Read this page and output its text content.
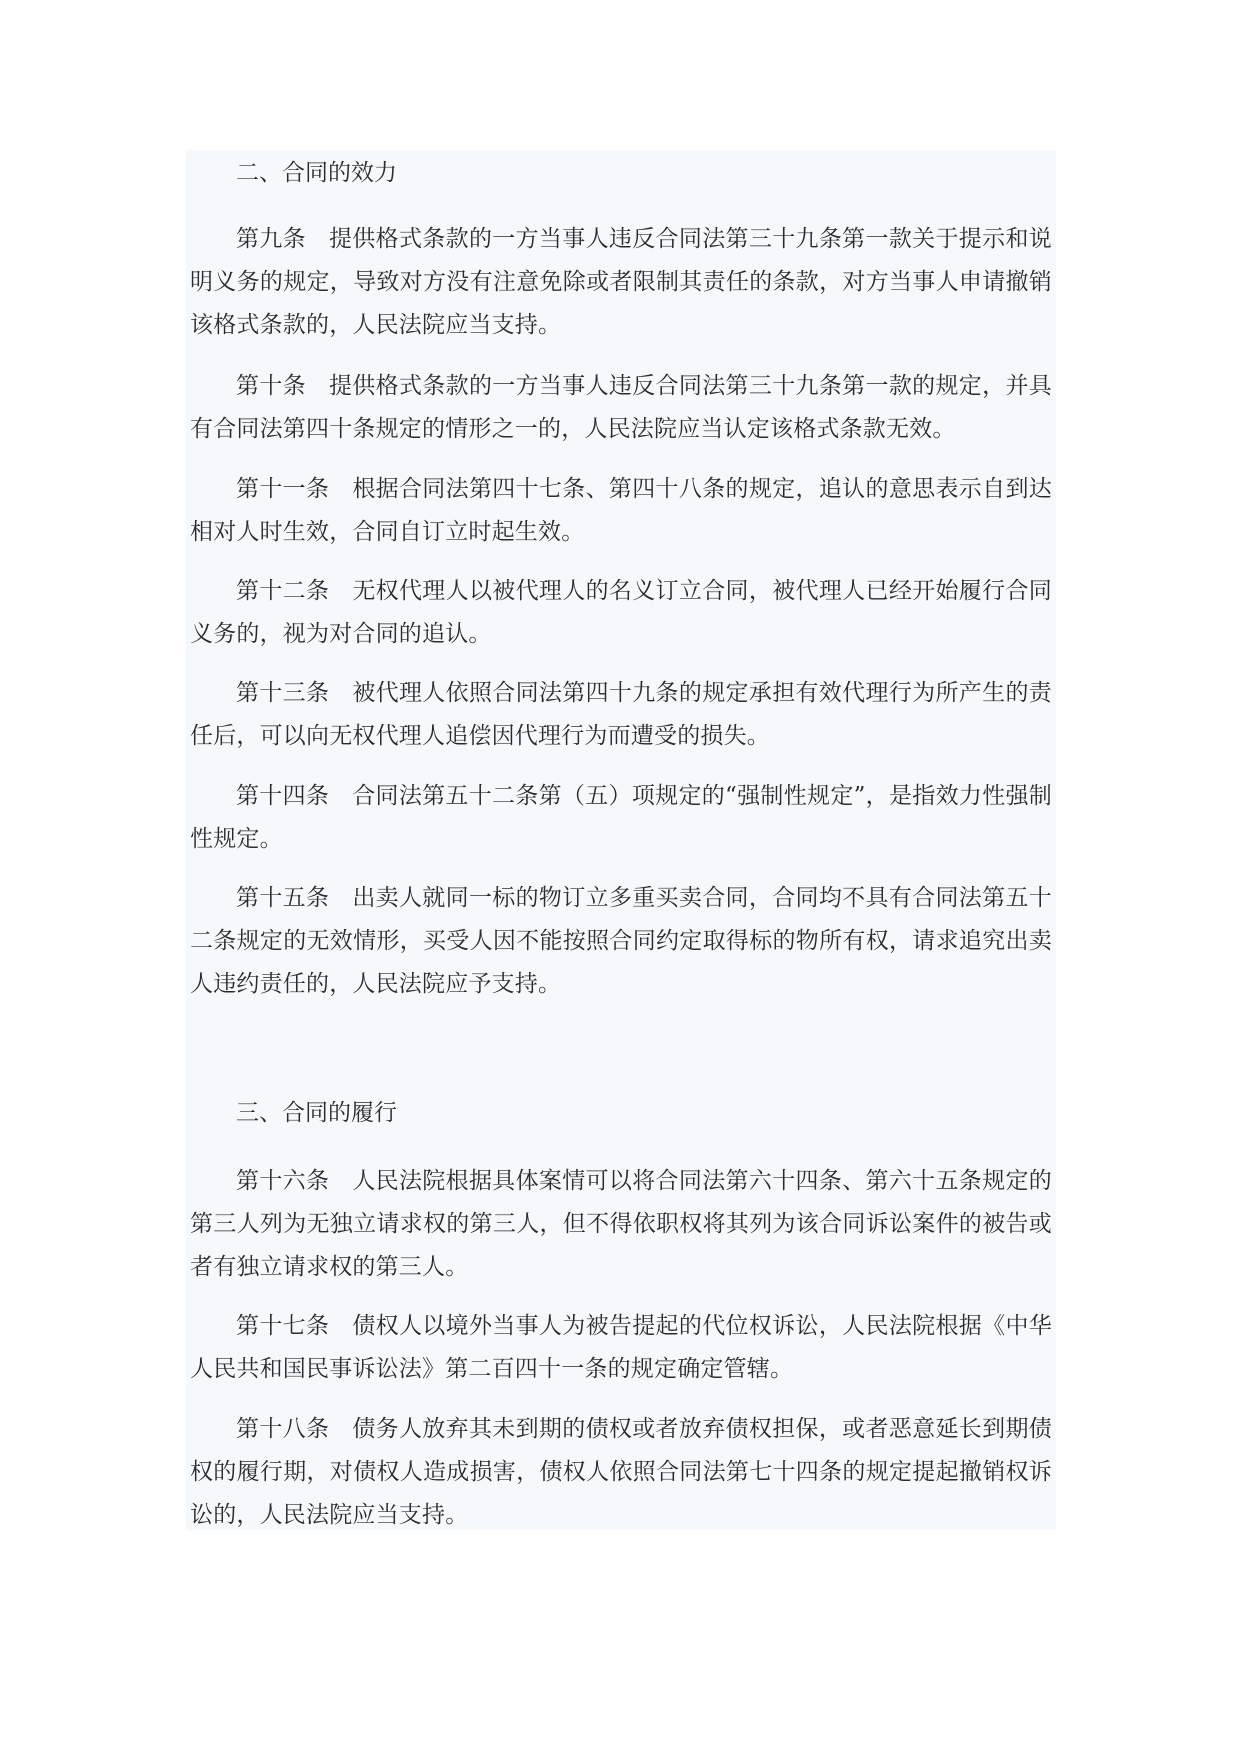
二、合同的效力

第九条 提供格式条款的一方当事人违反合同法第三十九条第一款关于提示和说明义务的规定，导致对方没有注意免除或者限制其责任的条款，对方当事人申请撤销该格式条款的，人民法院应当支持。

第十条 提供格式条款的一方当事人违反合同法第三十九条第一款的规定，并具有合同法第四十条规定的情形之一的，人民法院应当认定该格式条款无效。

第十一条 根据合同法第四十七条、第四十八条的规定，追认的意思表示自到达相对人时生效，合同自订立时起生效。

第十二条 无权代理人以被代理人的名义订立合同，被代理人已经开始履行合同义务的，视为对合同的追认。

第十三条 被代理人依照合同法第四十九条的规定承担有效代理行为所产生的责任后，可以向无权代理人追偿因代理行为而遭受的损失。

第十四条 合同法第五十二条第（五）项规定的“强制性规定”，是指效力性强制性规定。

第十五条 出卖人就同一标的物订立多重买卖合同，合同均不具有合同法第五十二条规定的无效情形，买受人因不能按照合同约定取得标的物所有权，请求追究出卖人违约责任的，人民法院应予支持。

三、合同的履行

第十六条 人民法院根据具体案情可以将合同法第六十四条、第六十五条规定的第三人列为无独立请求权的第三人，但不得依职权将其列为该合同诉讼案件的被告或者有独立请求权的第三人。

第十七条 债权人以境外当事人为被告提起的代位权诉讼，人民法院根据《中华人民共和国民事诉讼法》第二百四十一条的规定确定管辖。

第十八条 债务人放弃其未到期的债权或者放弃债权担保，或者恶意延长到期债权的履行期，对债权人造成损害，债权人依照合同法第七十四条的规定提起撤销权诉讼的，人民法院应当支持。
